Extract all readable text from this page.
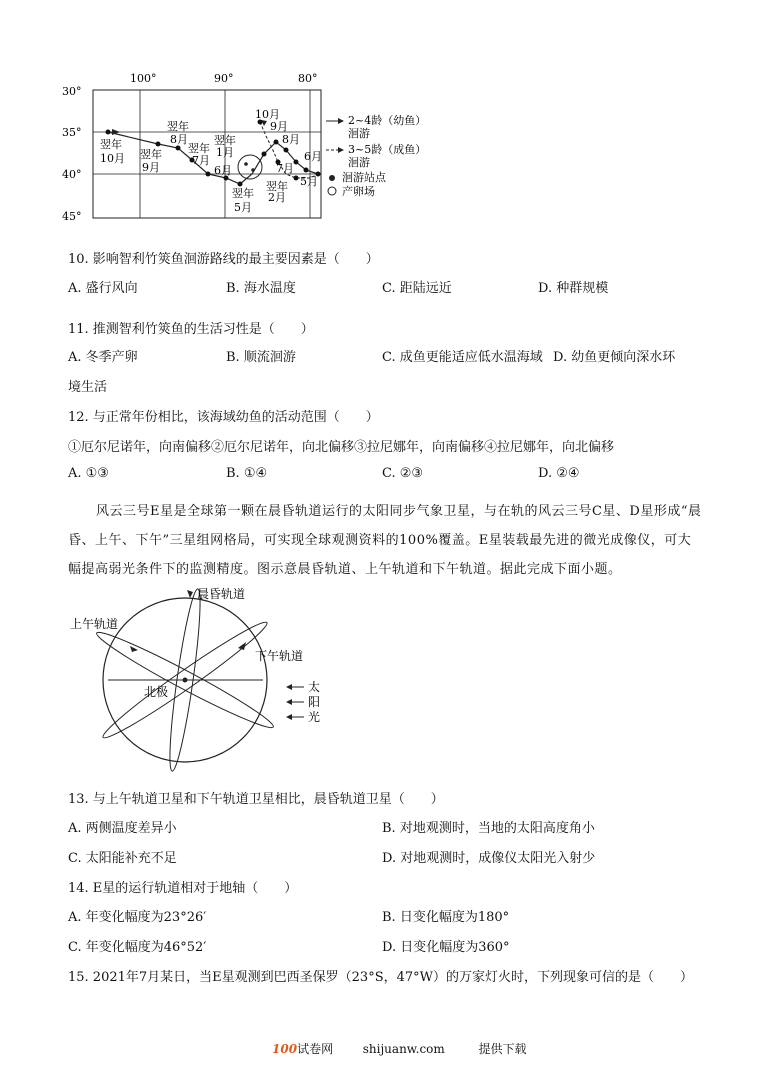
100°	90°	80°
30°
35°
40°
45°
翌年
10月 翌年
9月
翌年
8月
翌年
7月
翌年
1月
6月
翌年
5月
翌年
2月
10月
9月
8月
7月
6月
5月
2~4龄（幼鱼）
洄游
3~5龄（成鱼）
洄游
洄游站点
产卵场
10. 影响智利竹筴鱼洄游路线的最主要因素是（　　）
A. 盛行风向	B. 海水温度	C. 距陆远近	D. 种群规模
11. 推测智利竹筴鱼的生活习性是（　　）
A. 冬季产卵	B. 顺流洄游	C. 成鱼更能适应低水温海域 D. 幼鱼更倾向深水环
境生活
12. 与正常年份相比，该海域幼鱼的活动范围（　　）
①厄尔尼诺年，向南偏移②厄尔尼诺年，向北偏移③拉尼娜年，向南偏移④拉尼娜年，向北偏移
A. ①③	B. ①④	C. ②③	D. ②④
风云三号E星是全球第一颗在晨昏轨道运行的太阳同步气象卫星，与在轨的风云三号C星、D星形成“晨
昏、上午、下午”三星组网格局，可实现全球观测资料的100%覆盖。E星装载最先进的微光成像仪，可大
幅提高弱光条件下的监测精度。图示意晨昏轨道、上午轨道和下午轨道。据此完成下面小题。
晨昏轨道
上午轨道
下午轨道
北极	太
阳
光
13. 与上午轨道卫星和下午轨道卫星相比，晨昏轨道卫星（　　）
A. 两侧温度差异小	B. 对地观测时，当地的太阳高度角小
C. 太阳能补充不足	D. 对地观测时，成像仪太阳光入射少
14. E星的运行轨道相对于地轴（　　）
A. 年变化幅度为23°26′	B. 日变化幅度为180°
C. 年变化幅度为46°52′	D. 日变化幅度为360°
15. 2021年7月某日，当E星观测到巴西圣保罗（23°S，47°W）的万家灯火时，下列现象可信的是（　　）
100试卷网 shijuanw.com	提供下载
